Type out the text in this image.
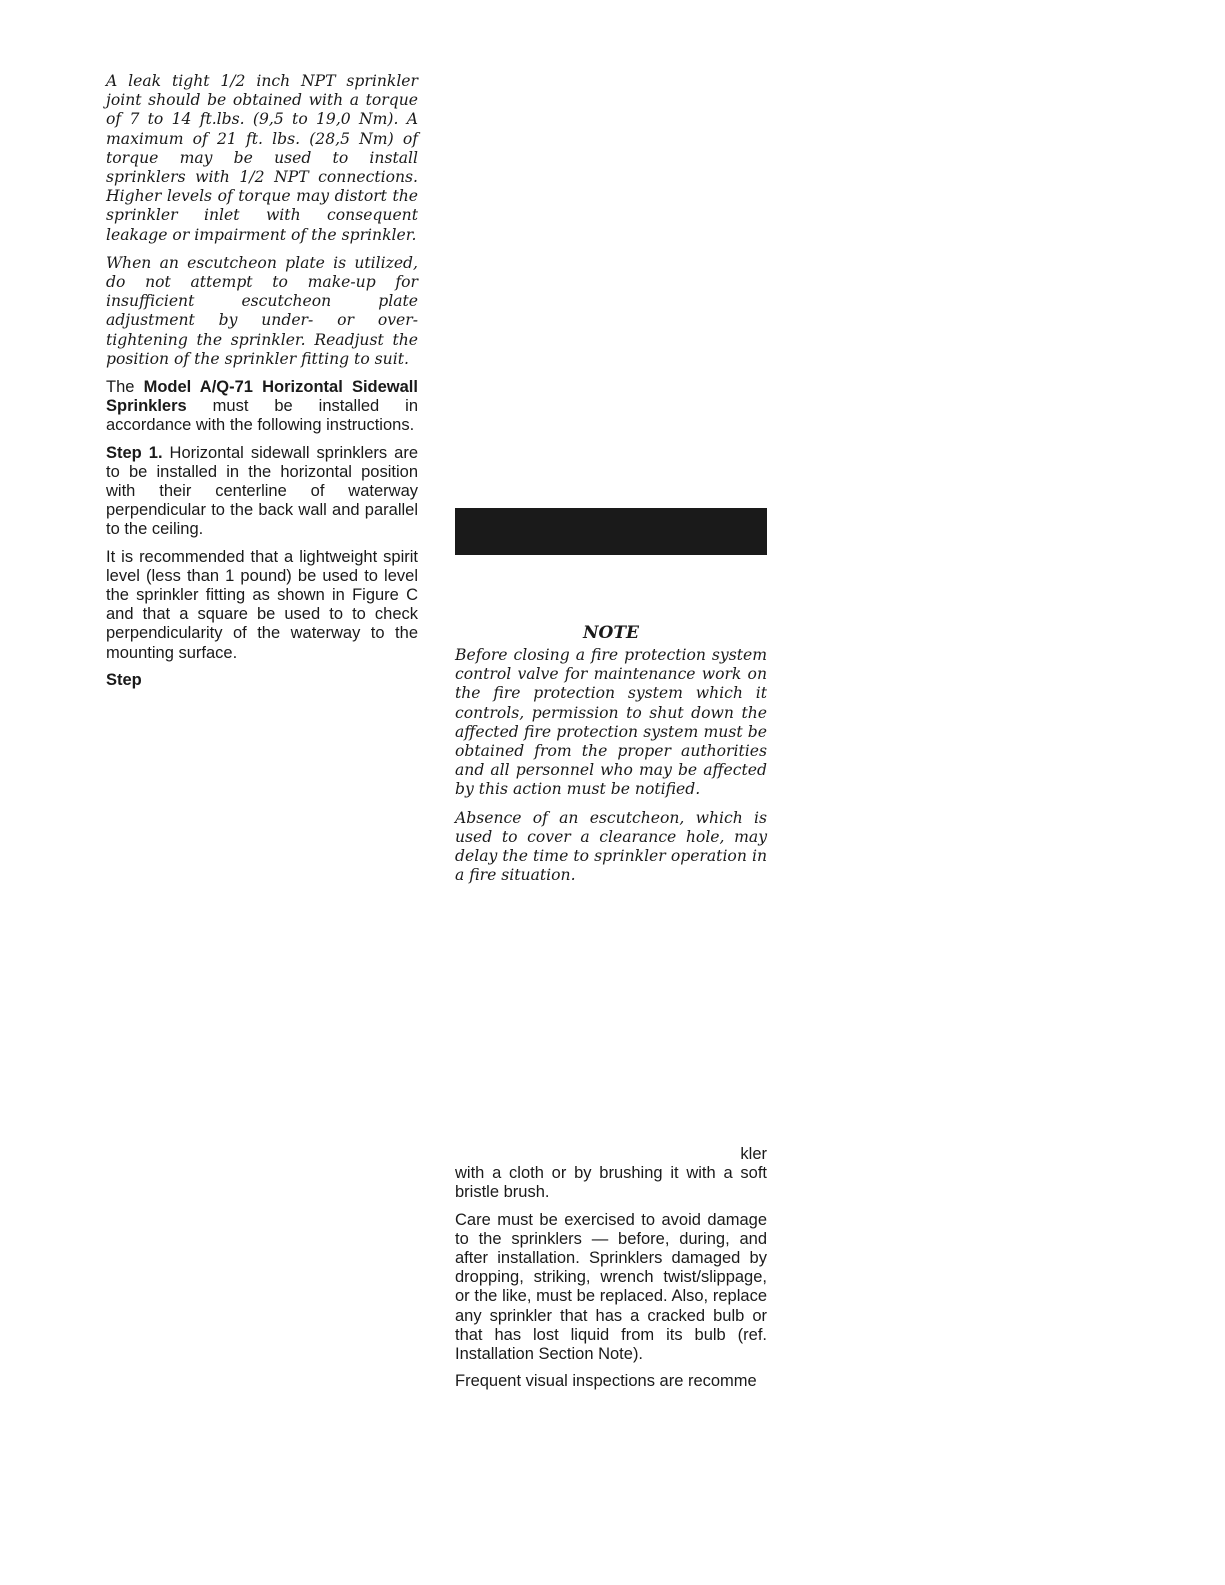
A leak tight 1/2 inch NPT sprinkler joint should be obtained with a torque of 7 to 14 ft.lbs. (9,5 to 19,0 Nm). A maximum of 21 ft. lbs. (28,5 Nm) of torque may be used to install sprinklers with 1/2 NPT connections. Higher levels of torque may distort the sprinkler inlet with consequent leakage or impairment of the sprinkler.

When an escutcheon plate is utilized, do not attempt to make-up for insufficient escutcheon plate adjustment by under- or over-tightening the sprinkler. Readjust the position of the sprinkler fitting to suit.

The Model A/Q-71 Horizontal Sidewall Sprinklers must be installed in accordance with the following instructions.

Step 1. Horizontal sidewall sprinklers are to be installed in the horizontal position with their centerline of waterway perpendicular to the back wall and parallel to the ceiling.

It is recommended that a lightweight spirit level (less than 1 pound) be used to level the sprinkler fitting as shown in Figure C and that a square be used to to check perpendicularity of the waterway to the mounting surface.

Step

NOTE

Before closing a fire protection system control valve for maintenance work on the fire protection system which it controls, permission to shut down the affected fire protection system must be obtained from the proper authorities and all personnel who may be affected by this action must be notified.

Absence of an escutcheon, which is used to cover a clearance hole, may delay the time to sprinkler operation in a fire situation.

kler

with a cloth or by brushing it with a soft bristle brush.

Care must be exercised to avoid damage to the sprinklers — before, during, and after installation. Sprinklers damaged by dropping, striking, wrench twist/slippage, or the like, must be replaced. Also, replace any sprinkler that has a cracked bulb or that has lost liquid from its bulb (ref. Installation Section Note).

Frequent visual inspections are recomme
